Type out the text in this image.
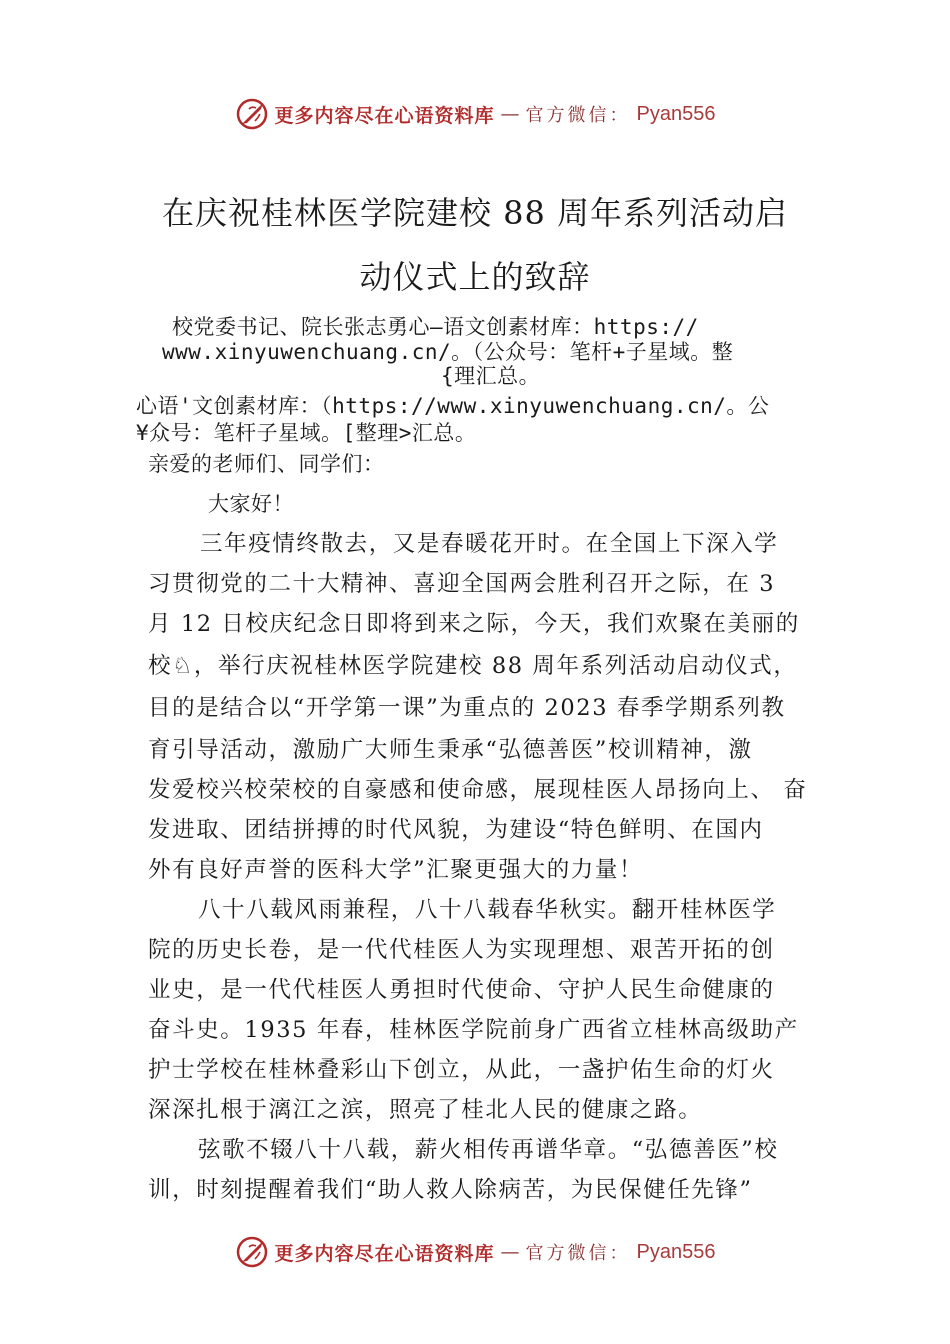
更多内容尽在心语资料库 — 官方微信： Pyan556
在庆祝桂林医学院建校 88 周年系列活动启
动仪式上的致辞
校党委书记、院长张志勇心—语文创素材库：https://
www.xinyuwenchuang.cn/。（公众号：笔杆+子星域。整
{理汇总。
心语'文创素材库：（https://www.xinyuwenchuang.cn/。公
¥众号：笔杆子星域。[整理>汇总。
亲爱的老师们、同学们：
大家好！
三年疫情终散去，又是春暖花开时。在全国上下深入学
习贯彻党的二十大精神、喜迎全国两会胜利召开之际，在 3
月 12 日校庆纪念日即将到来之际，今天，我们欢聚在美丽的
校♘，举行庆祝桂林医学院建校 88 周年系列活动启动仪式，
目的是结合以“开学第一课”为重点的 2023 春季学期系列教
育引导活动，激励广大师生秉承“弘德善医”校训精神，激
发爱校兴校荣校的自豪感和使命感，展现桂医人昂扬向上、 奋
发进取、团结拼搏的时代风貌，为建设“特色鲜明、在国内
外有良好声誉的医科大学”汇聚更强大的力量！
八十八载风雨兼程，八十八载春华秋实。翻开桂林医学
院的历史长卷，是一代代桂医人为实现理想、艰苦开拓的创
业史，是一代代桂医人勇担时代使命、守护人民生命健康的
奋斗史。1935 年春，桂林医学院前身广西省立桂林高级助产
护士学校在桂林叠彩山下创立，从此，一盏护佑生命的灯火
深深扎根于漓江之滨，照亮了桂北人民的健康之路。
弦歌不辍八十八载，薪火相传再谱华章。“弘德善医”校
训，时刻提醒着我们“助人救人除病苦，为民保健任先锋”
更多内容尽在心语资料库 — 官方微信： Pyan556
